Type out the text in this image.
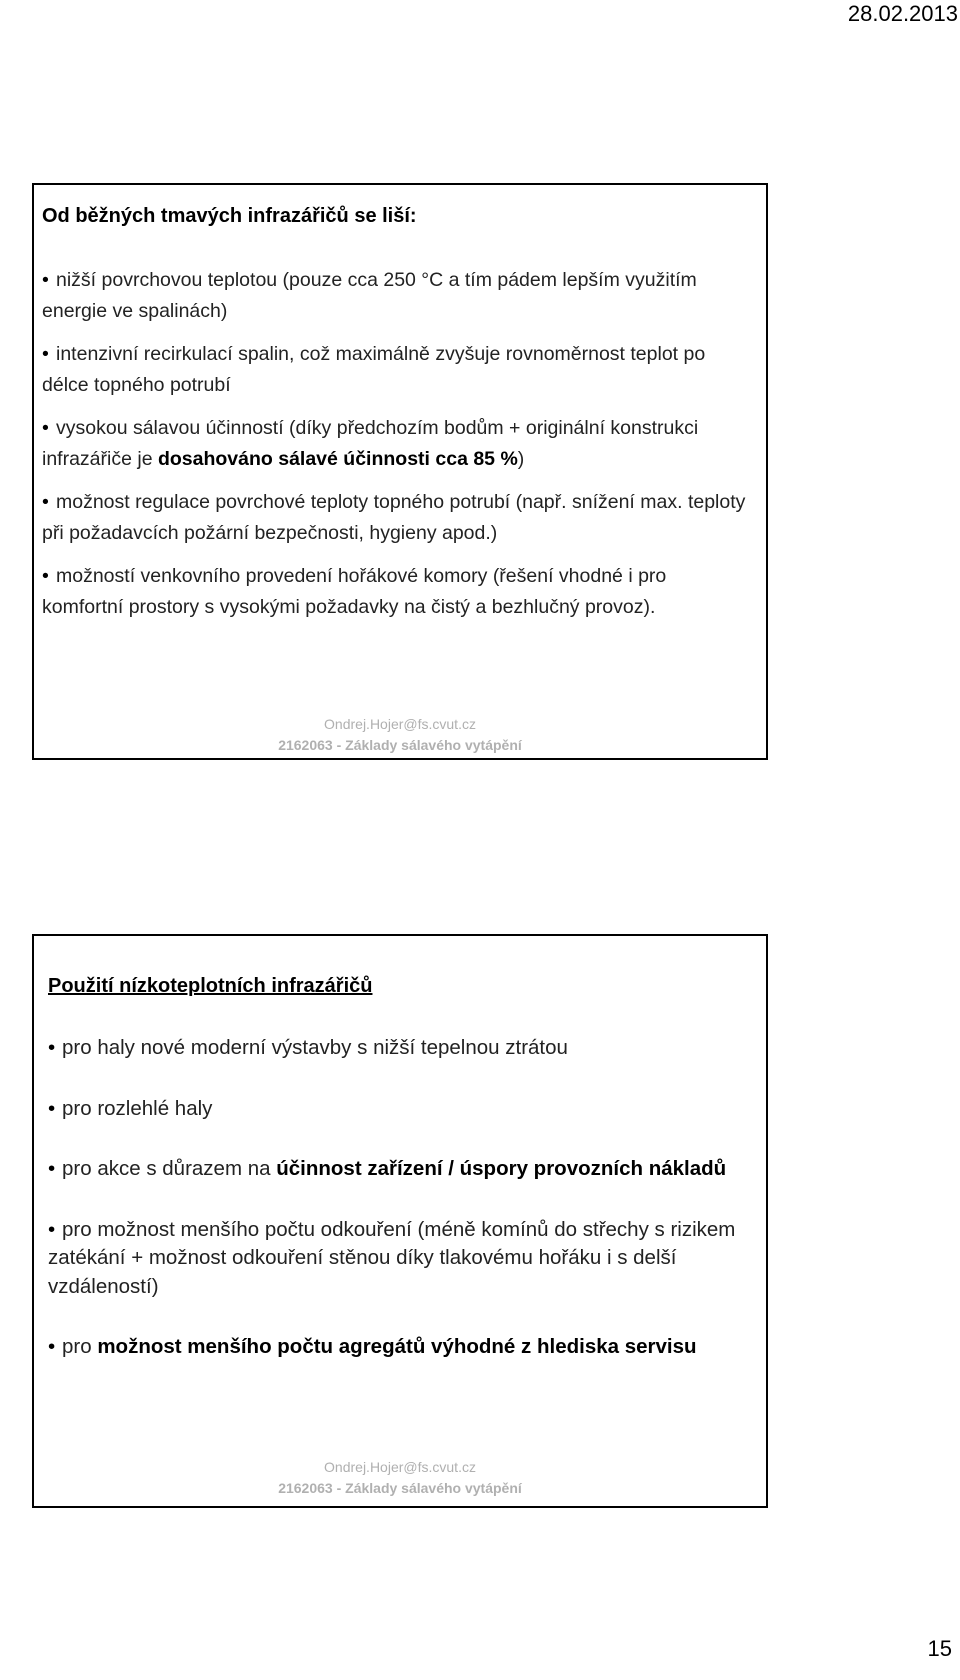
28.02.2013
Od běžných tmavých infrazářičů se liší:
• nižší povrchovou teplotou (pouze cca 250 °C a tím pádem lepším využitím energie ve spalinách)
• intenzivní recirkulací spalin, což maximálně zvyšuje rovnoměrnost teplot po délce topného potrubí
• vysokou sálavou účinností (díky předchozím bodům + originální konstrukci infrazářiče je dosahováno sálavé účinnosti cca 85 %)
• možnost regulace povrchové teploty topného potrubí (např. snížení max. teploty při požadavcích požární bezpečnosti, hygieny apod.)
• možností venkovního provedení hořákové komory (řešení vhodné i pro komfortní prostory s vysokými požadavky na čistý a bezhlučný provoz).
Ondrej.Hojer@fs.cvut.cz
2162063 - Základy sálavého vytápění
Použití nízkoteplotních infrazářičů
• pro haly nové moderní výstavby s nižší tepelnou ztrátou
• pro rozlehlé haly
• pro akce s důrazem na účinnost zařízení / úspory provozních nákladů
• pro možnost menšího počtu odkouření (méně komínů do střechy s rizikem zatékání + možnost odkouření stěnou díky tlakovému hořáku i s delší vzdáleností)
• pro možnost menšího počtu agregátů výhodné z hlediska servisu
Ondrej.Hojer@fs.cvut.cz
2162063 - Základy sálavého vytápění
15
